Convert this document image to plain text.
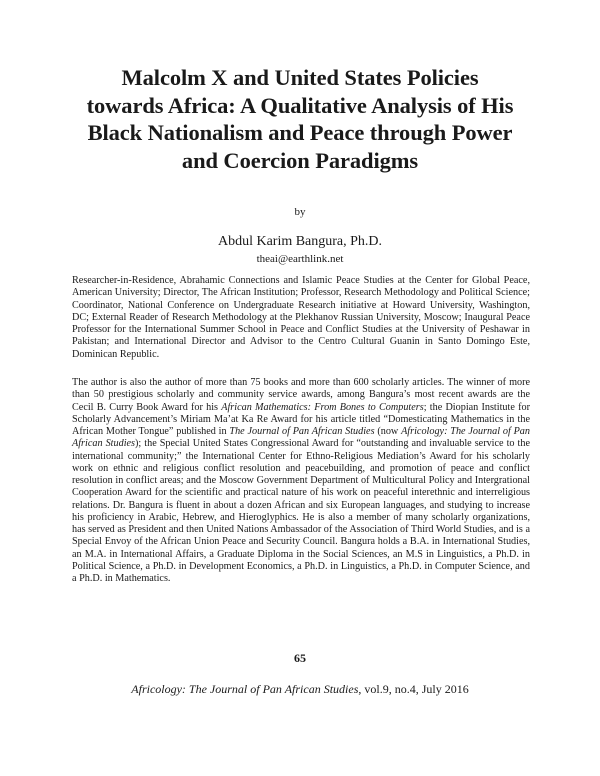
Malcolm X and United States Policies
towards Africa: A Qualitative Analysis of His
Black Nationalism and Peace through Power
and Coercion Paradigms
by
Abdul Karim Bangura, Ph.D.
theai@earthlink.net

Researcher-in-Residence, Abrahamic Connections and Islamic Peace Studies at the Center for Global Peace, American University; Director, The African Institution; Professor, Research Methodology and Political Science; Coordinator, National Conference on Undergraduate Research initiative at Howard University, Washington, DC; External Reader of Research Methodology at the Plekhanov Russian University, Moscow; Inaugural Peace Professor for the International Summer School in Peace and Conflict Studies at the University of Peshawar in Pakistan; and International Director and Advisor to the Centro Cultural Guanin in Santo Domingo Este, Dominican Republic.

The author is also the author of more than 75 books and more than 600 scholarly articles. The winner of more than 50 prestigious scholarly and community service awards, among Bangura’s most recent awards are the Cecil B. Curry Book Award for his African Mathematics: From Bones to Computers; the Diopian Institute for Scholarly Advancement’s Miriam Ma’at Ka Re Award for his article titled “Domesticating Mathematics in the African Mother Tongue” published in The Journal of Pan African Studies (now Africology: The Journal of Pan African Studies); the Special United States Congressional Award for “outstanding and invaluable service to the international community;” the International Center for Ethno-Religious Mediation’s Award for his scholarly work on ethnic and religious conflict resolution and peacebuilding, and promotion of peace and conflict resolution in conflict areas; and the Moscow Government Department of Multicultural Policy and Intergrational Cooperation Award for the scientific and practical nature of his work on peaceful interethnic and interreligious relations. Dr. Bangura is fluent in about a dozen African and six European languages, and studying to increase his proficiency in Arabic, Hebrew, and Hieroglyphics. He is also a member of many scholarly organizations, has served as President and then United Nations Ambassador of the Association of Third World Studies, and is a Special Envoy of the African Union Peace and Security Council. Bangura holds a B.A. in International Studies, an M.A. in International Affairs, a Graduate Diploma in the Social Sciences, an M.S in Linguistics, a Ph.D. in Political Science, a Ph.D. in Development Economics, a Ph.D. in Linguistics, a Ph.D. in Computer Science, and a Ph.D. in Mathematics.

65
Africology: The Journal of Pan African Studies, vol.9, no.4, July 2016
